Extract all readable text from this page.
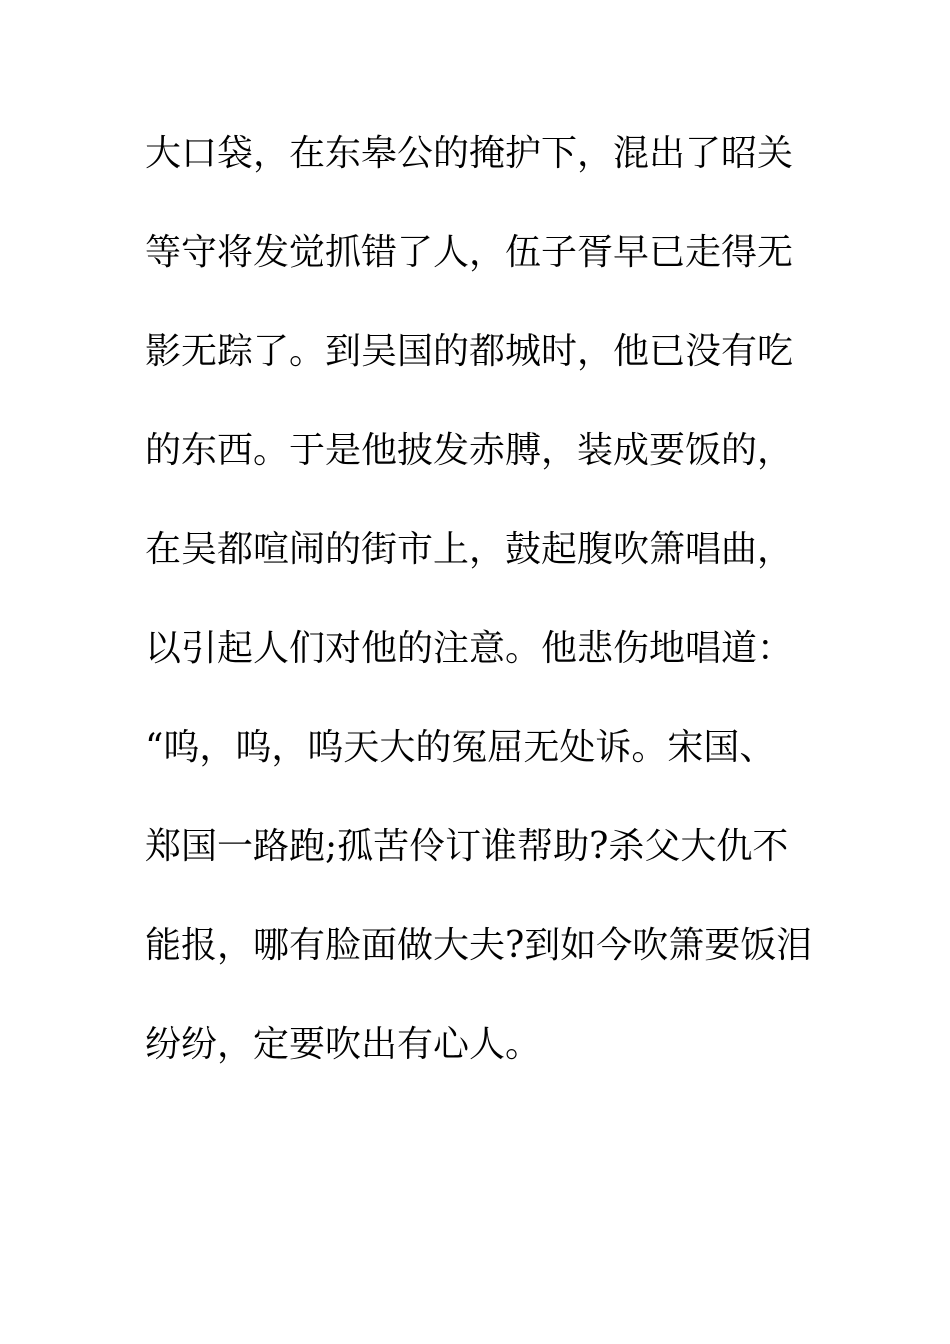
大口袋，在东皋公的掩护下，混出了昭关
等守将发觉抓错了人，伍子胥早已走得无
影无踪了。到吴国的都城时，他已没有吃
的东西。于是他披发赤膊，装成要饭的，
在吴都喧闹的街市上，鼓起腹吹箫唱曲，
以引起人们对他的注意。他悲伤地唱道：
“呜，呜，呜天大的冤屈无处诉。宋国、
郑国一路跑;孤苦伶订谁帮助?杀父大仇不
能报，哪有脸面做大夫?到如今吹箫要饭泪
纷纷，定要吹出有心人。
